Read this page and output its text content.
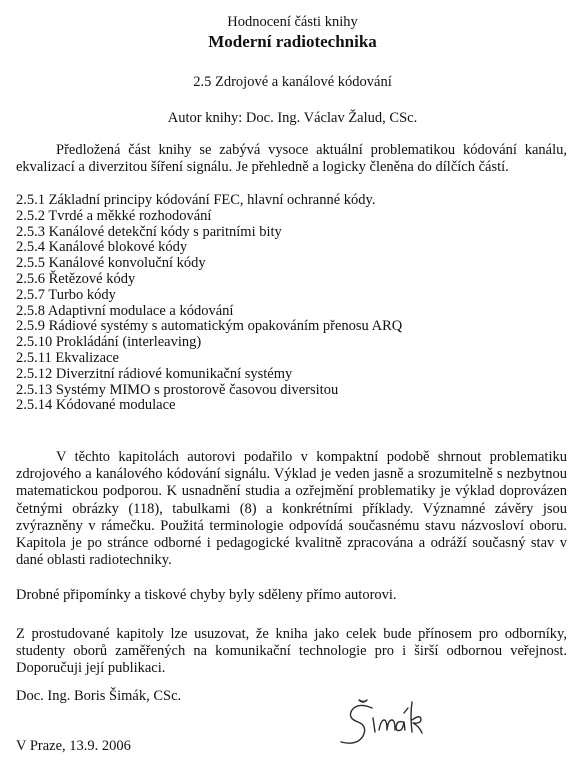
Hodnocení části knihy
Moderní radiotechnika
2.5 Zdrojové a kanálové kódování
Autor knihy: Doc. Ing. Václav Žalud, CSc.
Předložená část knihy se zabývá vysoce aktuální problematikou kódování kanálu, ekvalizací a diverzitou šíření signálu. Je přehledně a logicky členěna do dílčích částí.
2.5.1 Základní principy kódování FEC, hlavní ochranné kódy.
2.5.2 Tvrdé a měkké rozhodování
2.5.3 Kanálové detekční kódy s paritními bity
2.5.4 Kanálové blokové kódy
2.5.5 Kanálové konvoluční kódy
2.5.6 Řetězové kódy
2.5.7 Turbo kódy
2.5.8 Adaptivní modulace a kódování
2.5.9 Rádiové systémy s automatickým opakováním přenosu ARQ
2.5.10 Prokládání (interleaving)
2.5.11 Ekvalizace
2.5.12 Diverzitní rádiové komunikační systémy
2.5.13 Systémy MIMO s prostorově časovou diversitou
2.5.14 Kódované modulace
V těchto kapitolách autorovi podařilo v kompaktní podobě shrnout problematiku zdrojového a kanálového kódování signálu. Výklad je veden jasně a srozumitelně s nezbytnou matematickou podporou. K usnadnění studia a ozřejmění problematiky je výklad doprovázen četnými obrázky (118), tabulkami (8) a konkrétními příklady. Významné závěry jsou zvýrazněny v rámečku. Použitá terminologie odpovídá současnému stavu názvosloví oboru. Kapitola je po stránce odborné i pedagogické kvalitně zpracována a odráží současný stav v dané oblasti radiotechniky.
Drobné připomínky a tiskové chyby byly sděleny přímo autorovi.
Z prostudované kapitoly lze usuzovat, že kniha jako celek bude přínosem pro odborníky, studenty oborů zaměřených na komunikační technologie pro i širší odbornou veřejnost. Doporučuji její publikaci.
Doc. Ing. Boris Šimák, CSc.
V Praze, 13.9. 2006
